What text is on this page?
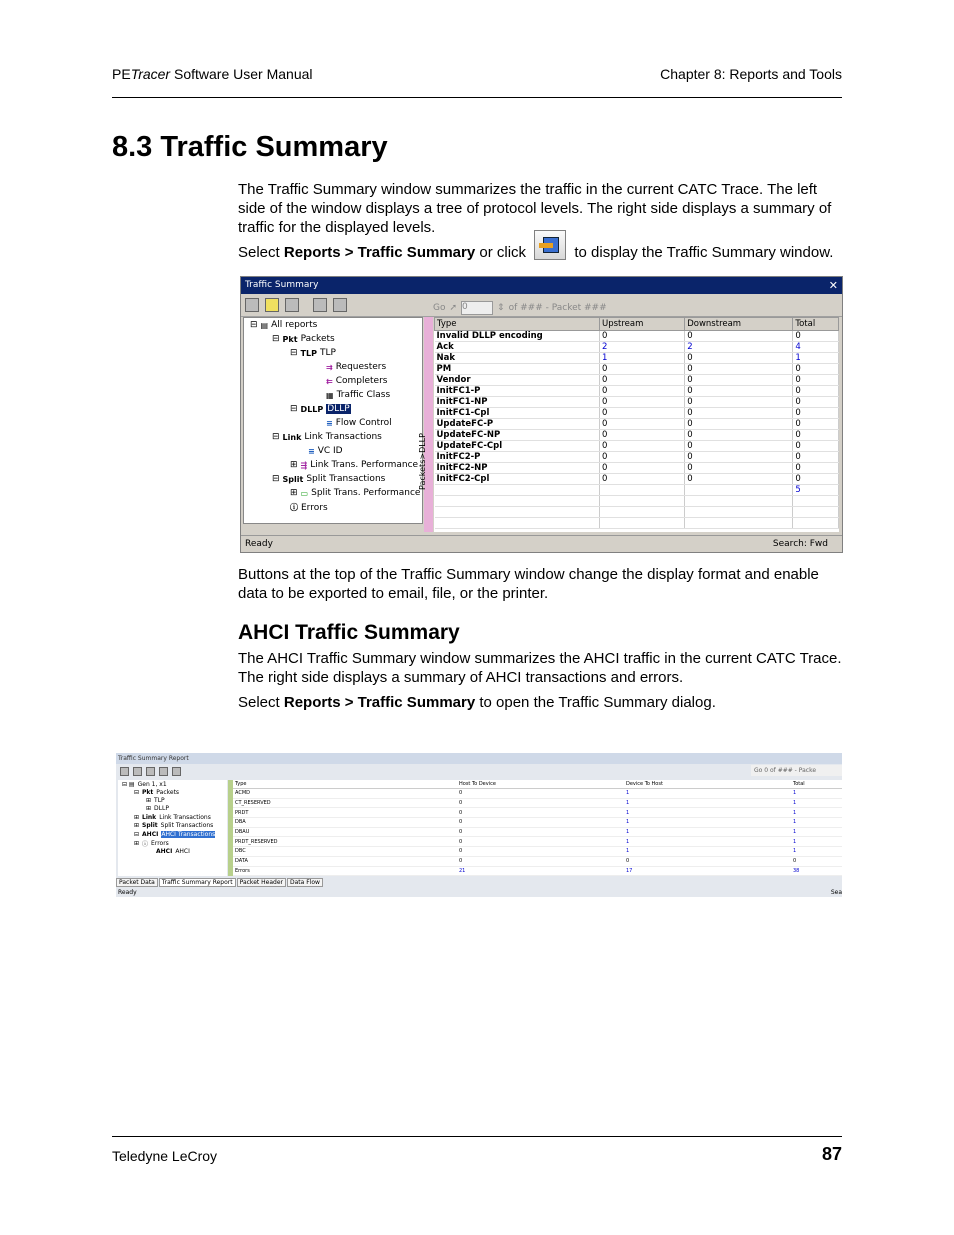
PETracer Software User Manual	Chapter 8: Reports and Tools
8.3 Traffic Summary

The Traffic Summary window summarizes the traffic in the current CATC Trace. The left side of the window displays a tree of protocol levels. The right side displays a summary of traffic for the displayed levels.

Select Reports > Traffic Summary or click	to display the Traffic Summary window.

Traffic Summary	✕
Go ➚ 0	⇕ of ### - Packet ###
⊟ ▤ All reports
⊟ Pkt Packets
⊟ TLP TLP
⇉ Requesters
⇇ Completers
▦ Traffic Class
⊟ DLLP DLLP
≡ Flow Control
⊟ Link Link Transactions
≡ VC ID
⊞ ⇶ Link Trans. Performance
⊟ Split Split Transactions
⊞ ▭ Split Trans. Performance
ⓘ Errors
Packets>DLLP
Type	Upstream	Downstream	Total
Invalid DLLP encoding	0	0	0
Ack	2	2	4
Nak	1	0	1
PM	0	0	0
Vendor	0	0	0
InitFC1-P	0	0	0
InitFC1-NP	0	0	0
InitFC1-Cpl	0	0	0
UpdateFC-P	0	0	0
UpdateFC-NP	0	0	0
UpdateFC-Cpl	0	0	0
InitFC2-P	0	0	0
InitFC2-NP	0	0	0
InitFC2-Cpl	0	0	0
			5

Ready	Search: Fwd

Buttons at the top of the Traffic Summary window change the display format and enable data to be exported to email, file, or the printer.

AHCI Traffic Summary

The AHCI Traffic Summary window summarizes the AHCI traffic in the current CATC Trace. The right side displays a summary of AHCI transactions and errors.

Select Reports > Traffic Summary to open the Traffic Summary dialog.

Traffic Summary Report
Go 0 of ### - Packe
⊟ ▤ Gen 1, x1
⊟ Pkt Packets
⊞ TLP
⊞ DLLP
⊞ Link Link Transactions
⊞ Split Split Transactions
⊟ AHCI AHCI Transactions
⊞ ⓘ Errors
AHCI AHCI
Type	Host To Device	Device To Host	Total
ACMD	0	1	1
CT_RESERVED	0	1	1
PRDT	0	1	1
DBA	0	1	1
DBAU	0	1	1
PRDT_RESERVED	0	1	1
DBC	0	1	1
DATA	0	0	0
Errors	21	17	38
Packet Data	Traffic Summary Report	Packet Header	Data Flow
Ready	Sea
Teledyne LeCroy	87
